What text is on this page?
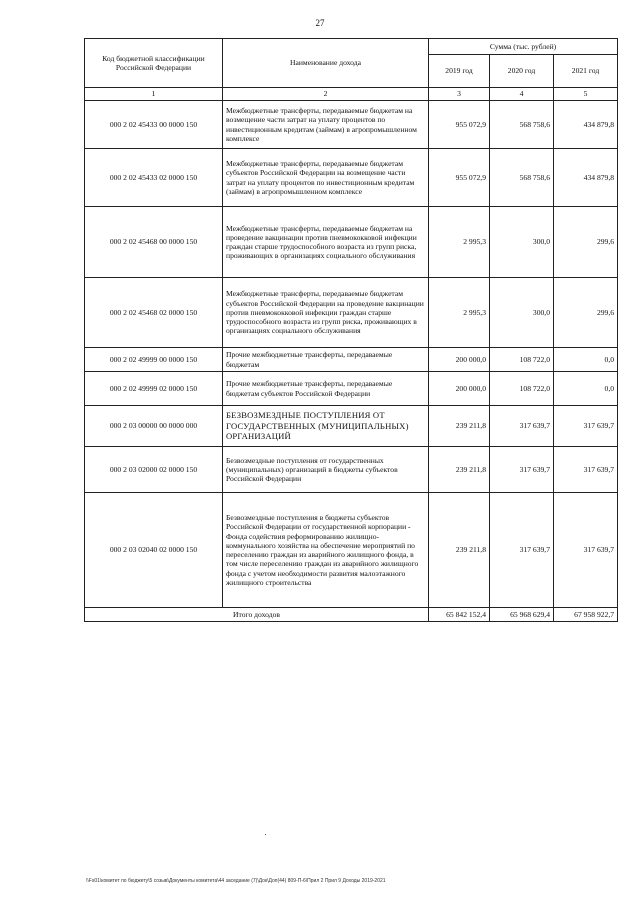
27
Код бюджетной классификации Российской Федерации	Наименование дохода	Сумма (тыс. рублей)		
		2019 год	2020 год	2021 год
1	2	3	4	5
000 2 02 45433 00 0000 150	Межбюджетные трансферты, передаваемые бюджетам на возмещение части затрат на уплату процентов по инвестиционным кредитам (займам) в агропромышленном комплексе	955 072,9	568 758,6	434 879,8
000 2 02 45433 02 0000 150	Межбюджетные трансферты, передаваемые бюджетам субъектов Российской Федерации на возмещение части затрат на уплату процентов по инвестиционным кредитам (займам) в агропромышленном комплексе	955 072,9	568 758,6	434 879,8
000 2 02 45468 00 0000 150	Межбюджетные трансферты, передаваемые бюджетам на проведение вакцинации против пневмококковой инфекции граждан старше трудоспособного возраста из групп риска, проживающих в организациях социального обслуживания	2 995,3	300,0	299,6
000 2 02 45468 02 0000 150	Межбюджетные трансферты, передаваемые бюджетам субъектов Российской Федерации на проведение вакцинации против пневмококковой инфекции граждан старше трудоспособного возраста из групп риска, проживающих в организациях социального обслуживания	2 995,3	300,0	299,6
000 2 02 49999 00 0000 150	Прочие межбюджетные трансферты, передаваемые бюджетам	200 000,0	108 722,0	0,0
000 2 02 49999 02 0000 150	Прочие межбюджетные трансферты, передаваемые бюджетам субъектов Российской Федерации	200 000,0	108 722,0	0,0
000 2 03 00000 00 0000 000	БЕЗВОЗМЕЗДНЫЕ ПОСТУПЛЕНИЯ ОТ ГОСУДАРСТВЕННЫХ (МУНИЦИПАЛЬНЫХ) ОРГАНИЗАЦИЙ	239 211,8	317 639,7	317 639,7
000 2 03 02000 02 0000 150	Безвозмездные поступления от государственных (муниципальных) организаций в бюджеты субъектов Российской Федерации	239 211,8	317 639,7	317 639,7
000 2 03 02040 02 0000 150	Безвозмездные поступления в бюджеты субъектов Российской Федерации от государственной корпорации - Фонда содействия реформированию жилищно-коммунального хозяйства на обеспечение мероприятий по переселению граждан из аварийного жилищного фонда, в том числе переселению граждан из аварийного жилищного фонда с учетом необходимости развития малоэтажного жилищного строительства	239 211,8	317 639,7	317 639,7
Итого доходов		65 842 152,4	65 968 629,4	67 958 922,7
\\Fs01\комитет по бюджету\5 созыв\Документы комитета\44 заседание (7)\Док\Доп(44) 809-П-6\Прил 2 Прил 9 Доходы 2019-2021
